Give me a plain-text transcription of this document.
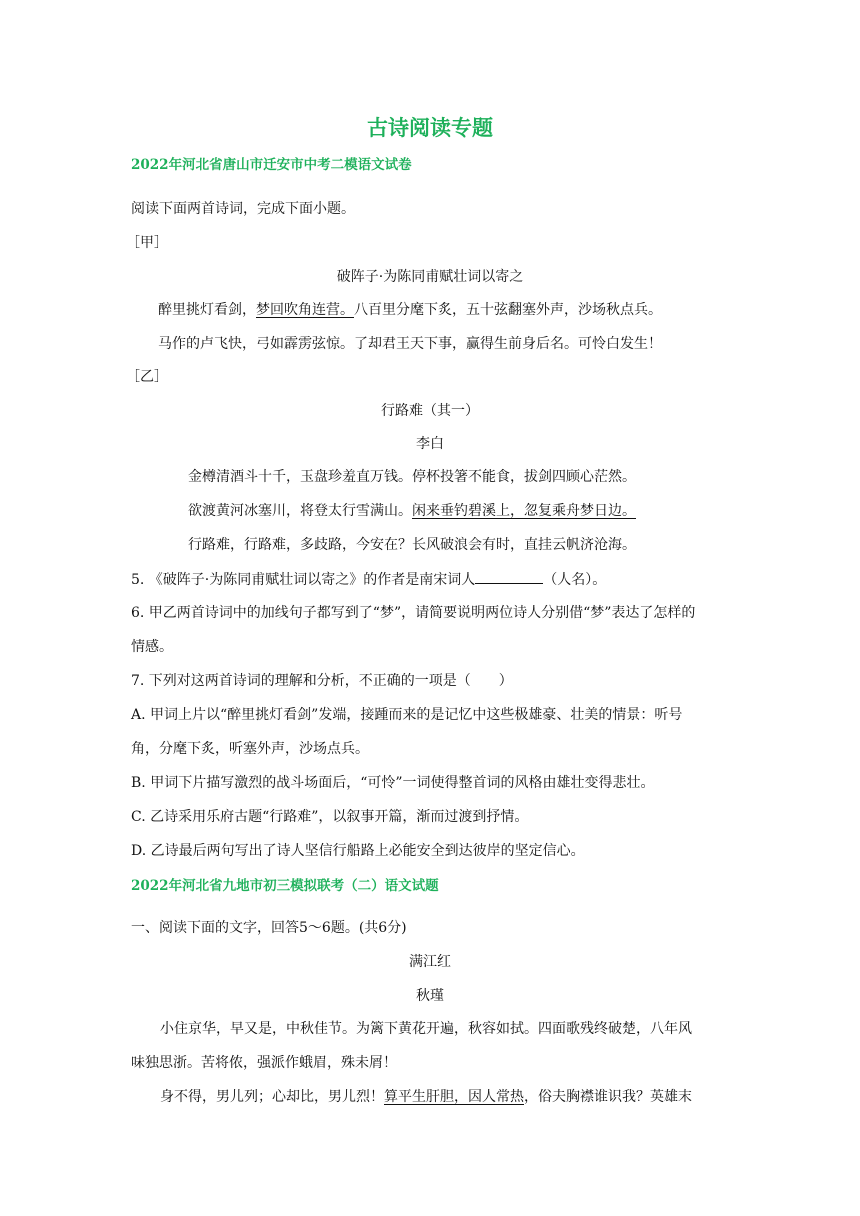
古诗阅读专题
2022年河北省唐山市迁安市中考二模语文试卷
阅读下面两首诗词，完成下面小题。
［甲］
破阵子·为陈同甫赋壮词以寄之
醉里挑灯看剑，梦回吹角连营。八百里分麾下炙，五十弦翻塞外声，沙场秋点兵。
马作的卢飞快，弓如霹雳弦惊。了却君王天下事，赢得生前身后名。可怜白发生！
［乙］
行路难（其一）
李白
金樽清酒斗十千，玉盘珍羞直万钱。停杯投箸不能食，拔剑四顾心茫然。
欲渡黄河冰塞川，将登太行雪满山。闲来垂钓碧溪上，忽复乘舟梦日边。
行路难，行路难，多歧路，今安在？长风破浪会有时，直挂云帆济沧海。
5. 《破阵子·为陈同甫赋壮词以寄之》的作者是南宋词人	（人名）。
6. 甲乙两首诗词中的加线句子都写到了“梦”，请简要说明两位诗人分别借“梦”表达了怎样的
情感。
7. 下列对这两首诗词的理解和分析，不正确的一项是（　　）
A. 甲词上片以“醉里挑灯看剑”发端，接踵而来的是记忆中这些极雄豪、壮美的情景：听号
角，分麾下炙，听塞外声，沙场点兵。
B. 甲词下片描写激烈的战斗场面后，“可怜”一词使得整首词的风格由雄壮变得悲壮。
C. 乙诗采用乐府古题“行路难”，以叙事开篇，渐而过渡到抒情。
D. 乙诗最后两句写出了诗人坚信行船路上必能安全到达彼岸的坚定信心。
2022年河北省九地市初三模拟联考（二）语文试题
一、阅读下面的文字，回答5～6题。(共6分)
满江红
秋瑾
小住京华，早又是，中秋佳节。为篱下黄花开遍，秋容如拭。四面歌残终破楚，八年风
味独思浙。苦将侬，强派作蛾眉，殊未屑！
身不得，男儿列；心却比，男儿烈！算平生肝胆，因人常热，俗夫胸襟谁识我？英雄末
